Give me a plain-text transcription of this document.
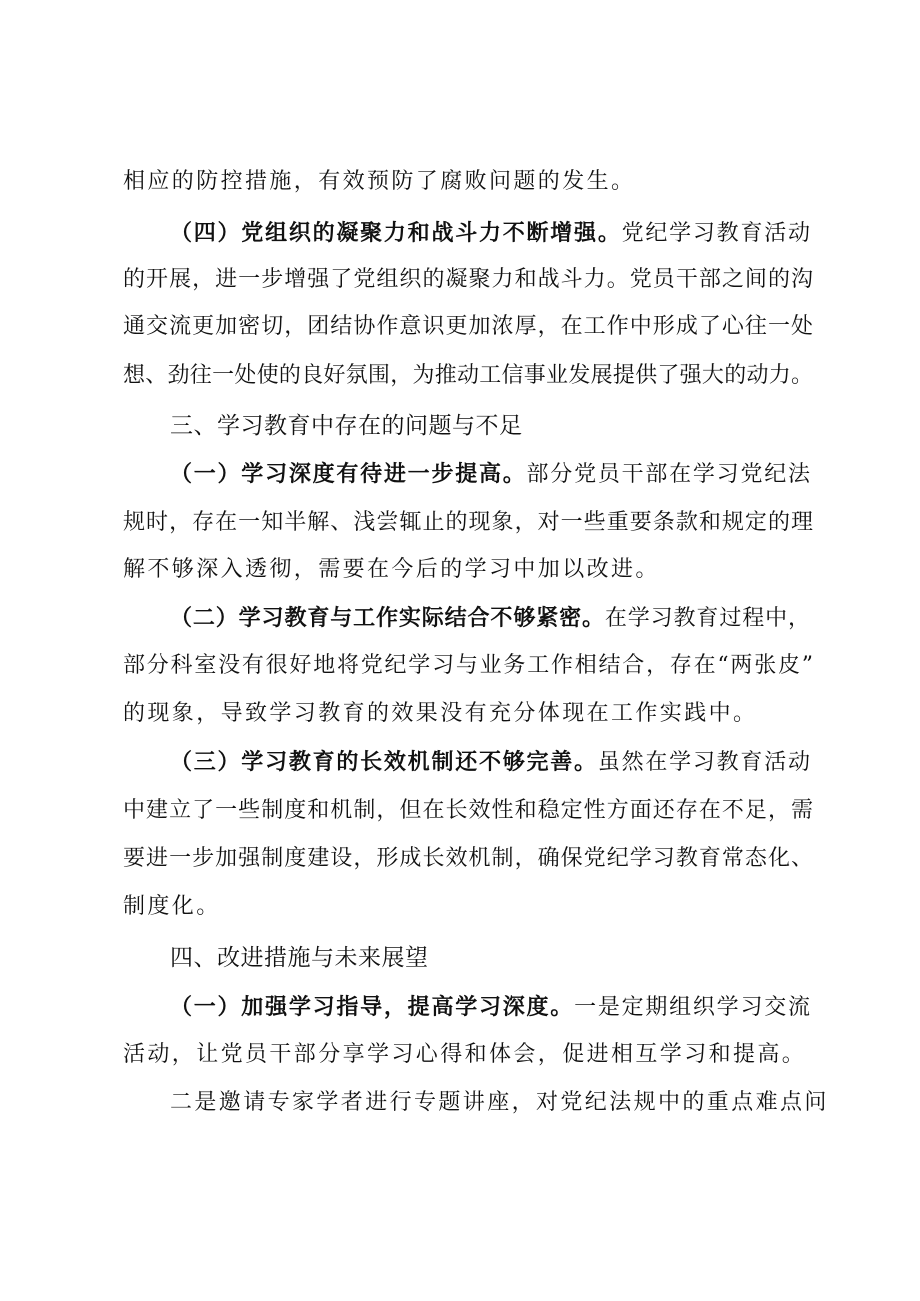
相应的防控措施，有效预防了腐败问题的发生。
（四）党组织的凝聚力和战斗力不断增强。党纪学习教育活动
的开展，进一步增强了党组织的凝聚力和战斗力。党员干部之间的沟
通交流更加密切，团结协作意识更加浓厚，在工作中形成了心往一处
想、劲往一处使的良好氛围，为推动工信事业发展提供了强大的动力。
三、学习教育中存在的问题与不足
（一）学习深度有待进一步提高。部分党员干部在学习党纪法
规时，存在一知半解、浅尝辄止的现象，对一些重要条款和规定的理
解不够深入透彻，需要在今后的学习中加以改进。
（二）学习教育与工作实际结合不够紧密。在学习教育过程中，
部分科室没有很好地将党纪学习与业务工作相结合，存在“两张皮”
的现象，导致学习教育的效果没有充分体现在工作实践中。
（三）学习教育的长效机制还不够完善。虽然在学习教育活动
中建立了一些制度和机制，但在长效性和稳定性方面还存在不足，需
要进一步加强制度建设，形成长效机制，确保党纪学习教育常态化、
制度化。
四、改进措施与未来展望
（一）加强学习指导，提高学习深度。一是定期组织学习交流
活动，让党员干部分享学习心得和体会，促进相互学习和提高。
二是邀请专家学者进行专题讲座，对党纪法规中的重点难点问
